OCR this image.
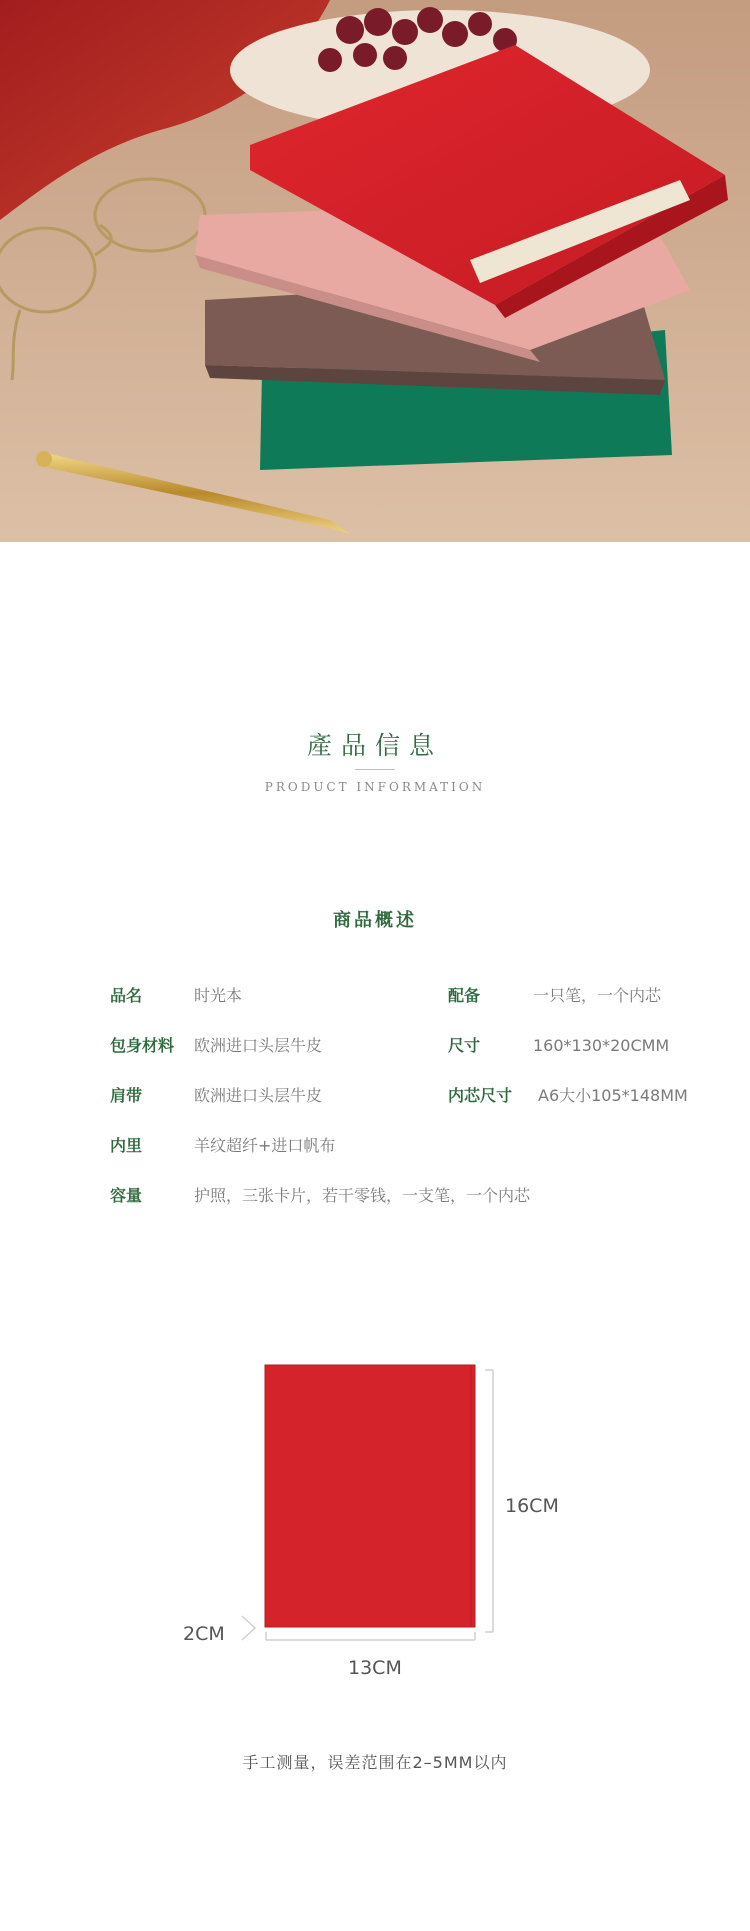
產品信息
PRODUCT INFORMATION
商品概述
品名	时光本	配备	一只笔，一个内芯
包身材料 欧洲进口头层牛皮	尺寸	160*130*20CMM
肩带	欧洲进口头层牛皮	内芯尺寸 A6大小105*148MM
内里	羊纹超纤+进口帆布
容量	护照，三张卡片，若干零钱，一支笔，一个内芯
16CM
13CM
2CM
手工测量，误差范围在2–5MM以内
